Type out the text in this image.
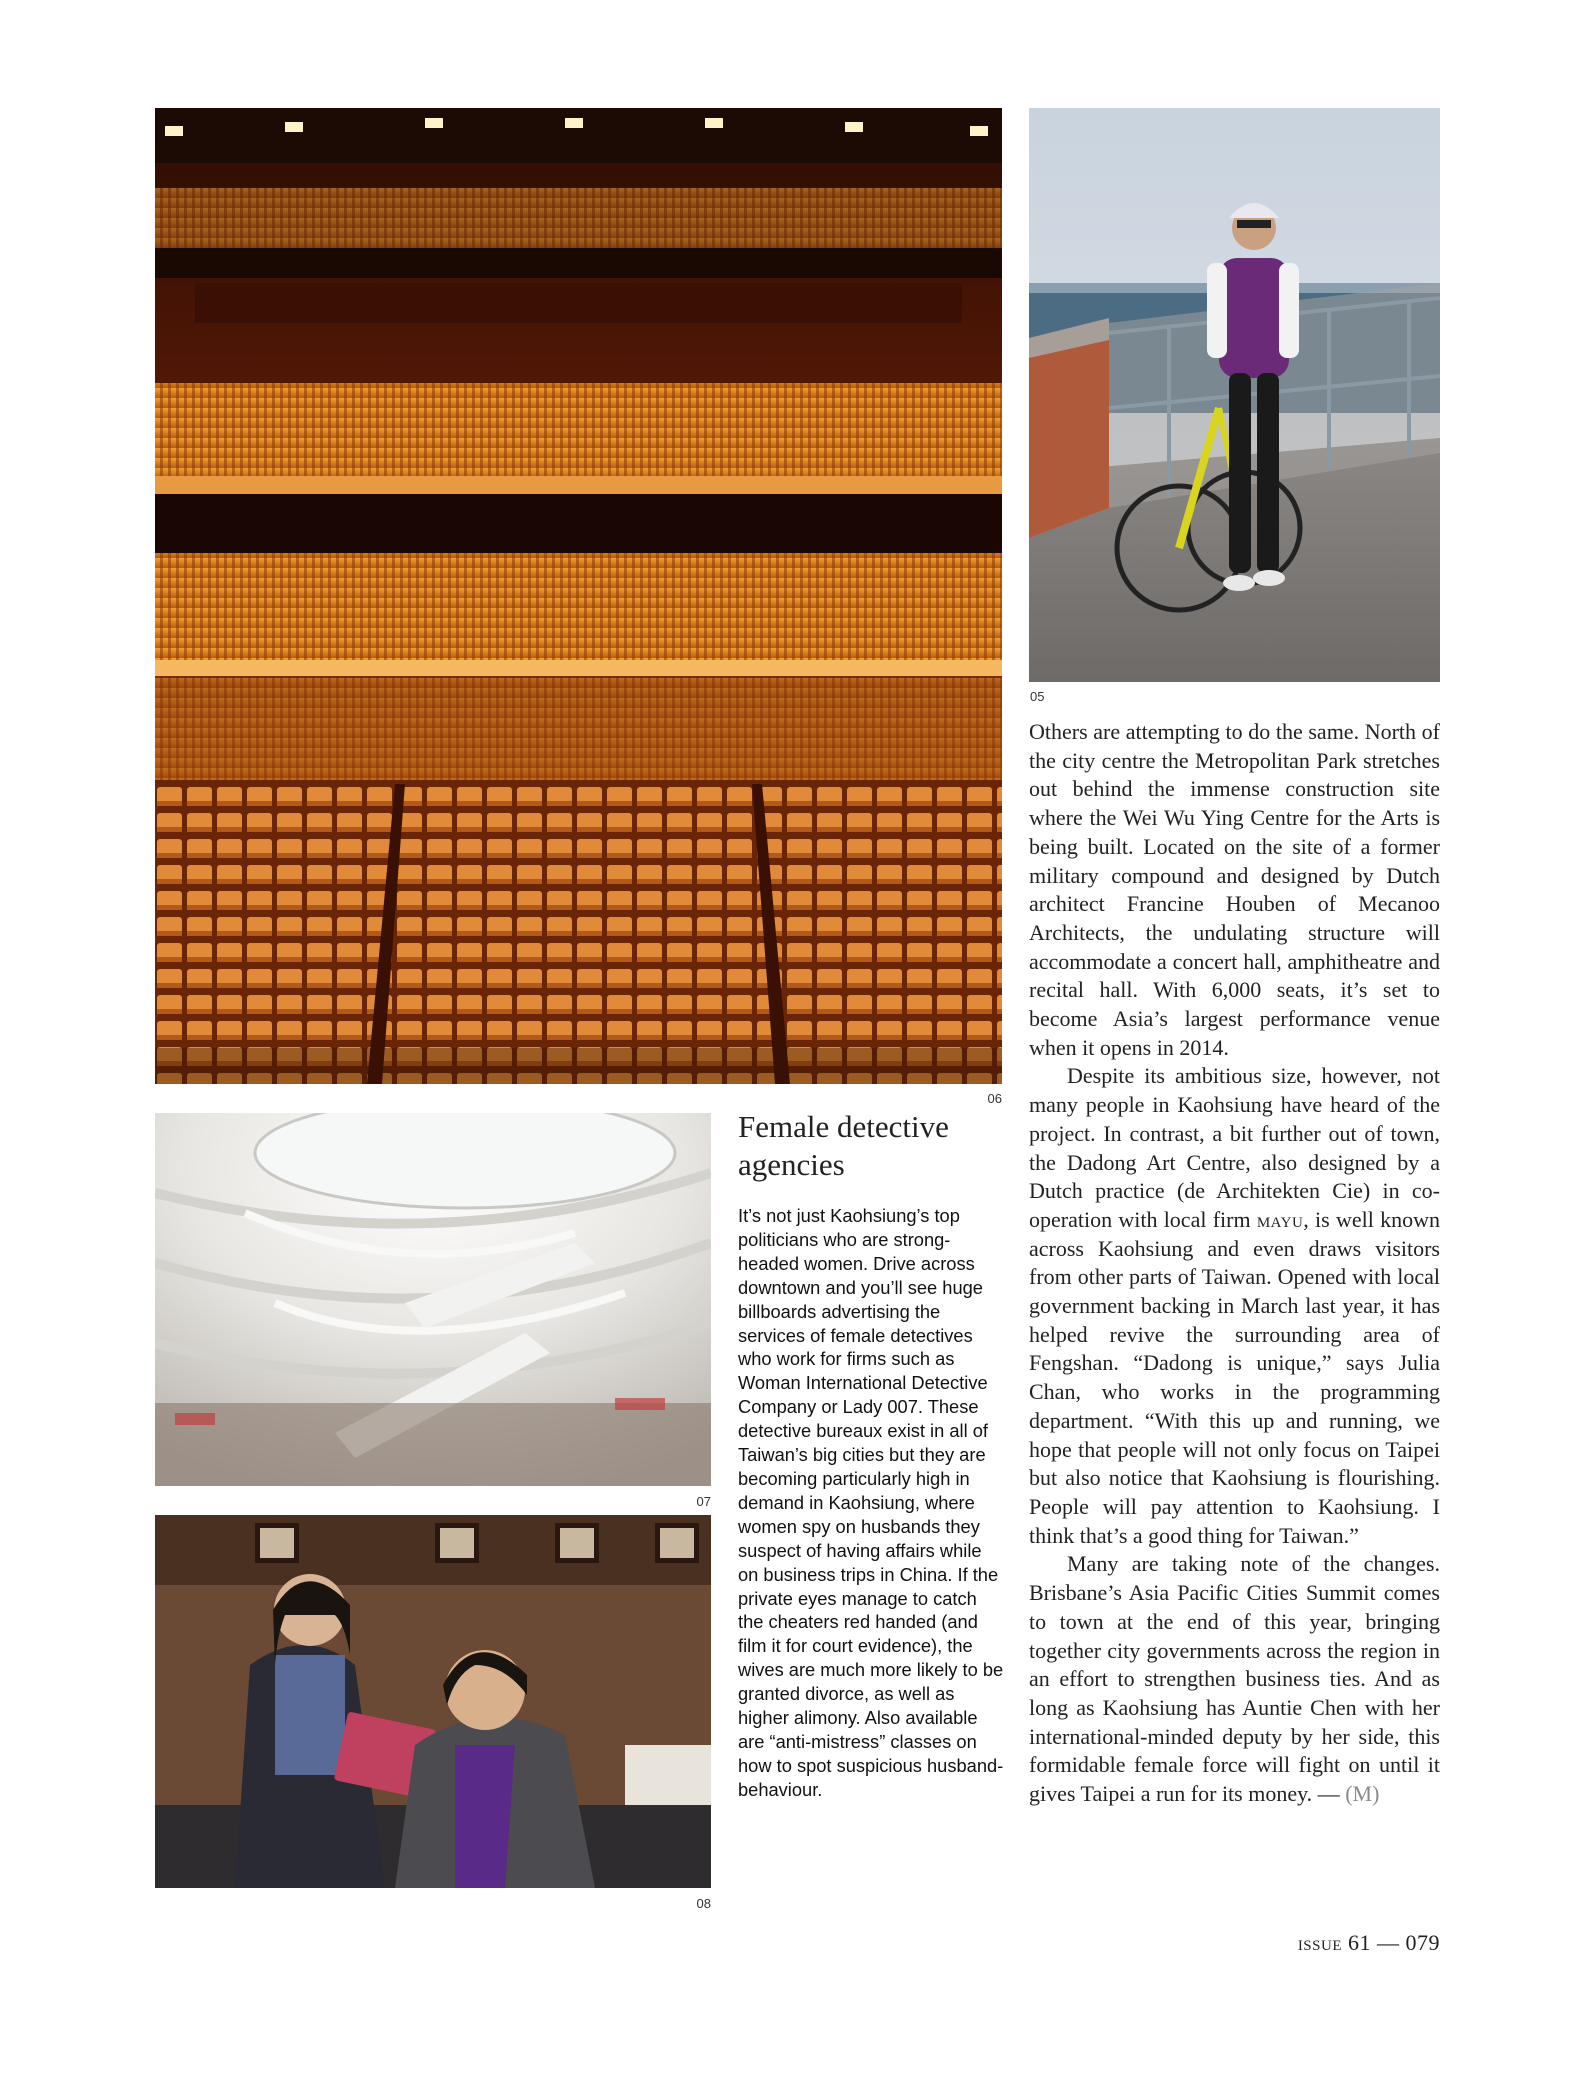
06
05
07
08
Female detective agencies

It’s not just Kaohsiung’s top politicians who are strong-headed women. Drive across downtown and you’ll see huge billboards advertising the services of female detectives who work for firms such as Woman International Detective Company or Lady 007. These detective bureaux exist in all of Taiwan’s big cities but they are becoming particularly high in demand in Kaohsiung, where women spy on husbands they suspect of having affairs while on business trips in China. If the private eyes manage to catch the cheaters red handed (and film it for court evidence), the wives are much more likely to be granted divorce, as well as higher alimony. Also available are “anti-mistress” classes on how to spot suspicious husband-behaviour.

Others are attempting to do the same. North of the city centre the Metropolitan Park stretches out behind the immense construction site where the Wei Wu Ying Centre for the Arts is being built. Located on the site of a former military compound and designed by Dutch architect Francine Houben of Mecanoo Architects, the undulating structure will accommodate a concert hall, amphitheatre and recital hall. With 6,000 seats, it’s set to become Asia’s largest performance venue when it opens in 2014.

Despite its ambitious size, however, not many people in Kaohsiung have heard of the project. In contrast, a bit further out of town, the Dadong Art Centre, also designed by a Dutch practice (de Architekten Cie) in co-operation with local firm mayu, is well known across Kaohsiung and even draws visitors from other parts of Taiwan. Opened with local government backing in March last year, it has helped revive the surrounding area of Fengshan. “Dadong is unique,” says Julia Chan, who works in the programming department. “With this up and running, we hope that people will not only focus on Taipei but also notice that Kaohsiung is flourishing. People will pay attention to Kaohsiung. I think that’s a good thing for Taiwan.”

Many are taking note of the changes. Brisbane’s Asia Pacific Cities Summit comes to town at the end of this year, bringing together city governments across the region in an effort to strengthen business ties. And as long as Kaohsiung has Auntie Chen with her international-minded deputy by her side, this formidable female force will fight on until it gives Taipei a run for its money. — (M)

issue 61 — 079
